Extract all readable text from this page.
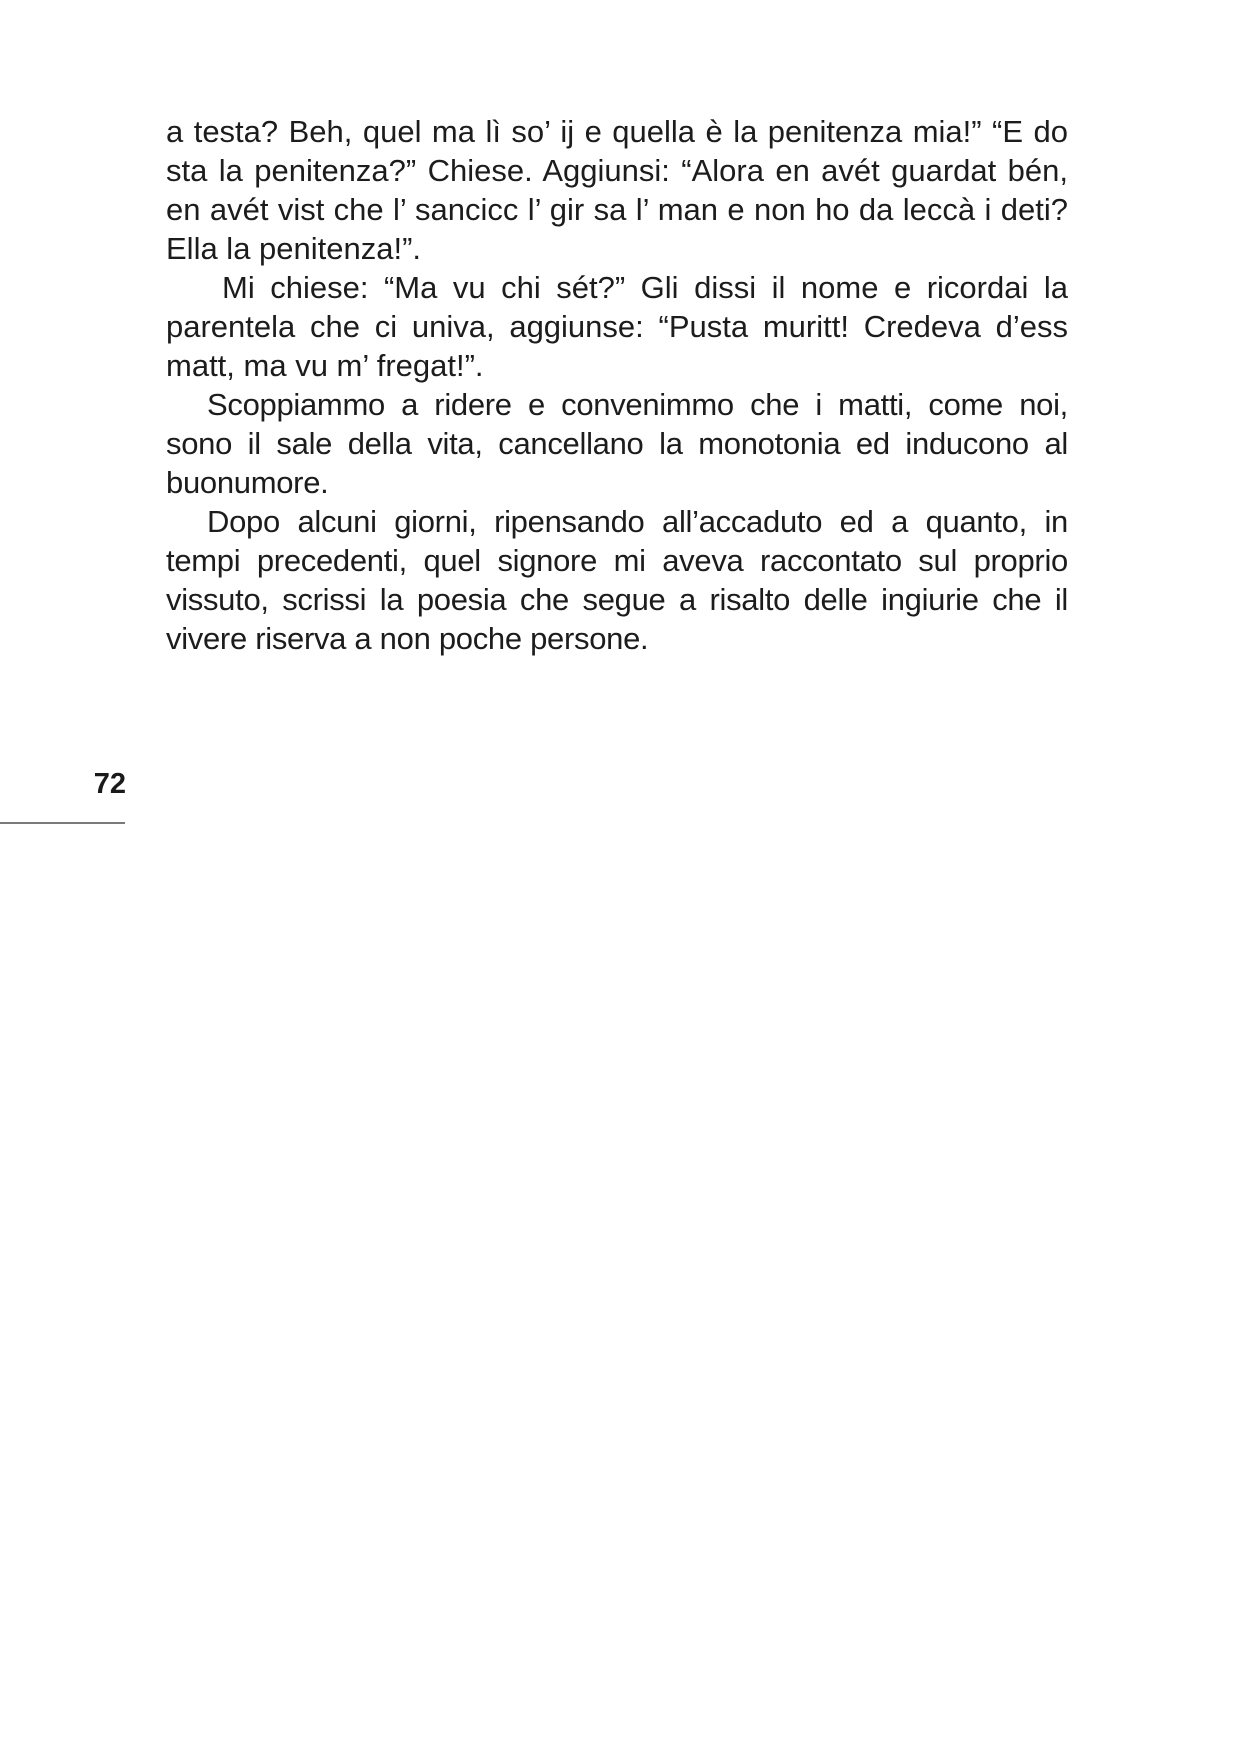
a testa? Beh, quel ma lì so’ ij e quella è la penitenza mia!” “E do sta la penitenza?” Chiese. Aggiunsi: “Alora en avét guardat bén, en avét vist che l’ sancicc l’ gir sa l’ man e non ho da leccà i deti? Ella la penitenza!”.

Mi chiese: “Ma vu chi sét?” Gli dissi il nome e ricordai la parentela che ci univa, aggiunse: “Pusta muritt! Credeva d’ess matt, ma vu m’ fregat!”.

Scoppiammo a ridere e convenimmo che i matti, come noi, sono il sale della vita, cancellano la monotonia ed inducono al buonumore.

Dopo alcuni giorni, ripensando all’accaduto ed a quanto, in tempi precedenti, quel signore mi aveva raccontato sul proprio vissuto, scrissi la poesia che segue a risalto delle ingiurie che il vivere riserva a non poche persone.

72
